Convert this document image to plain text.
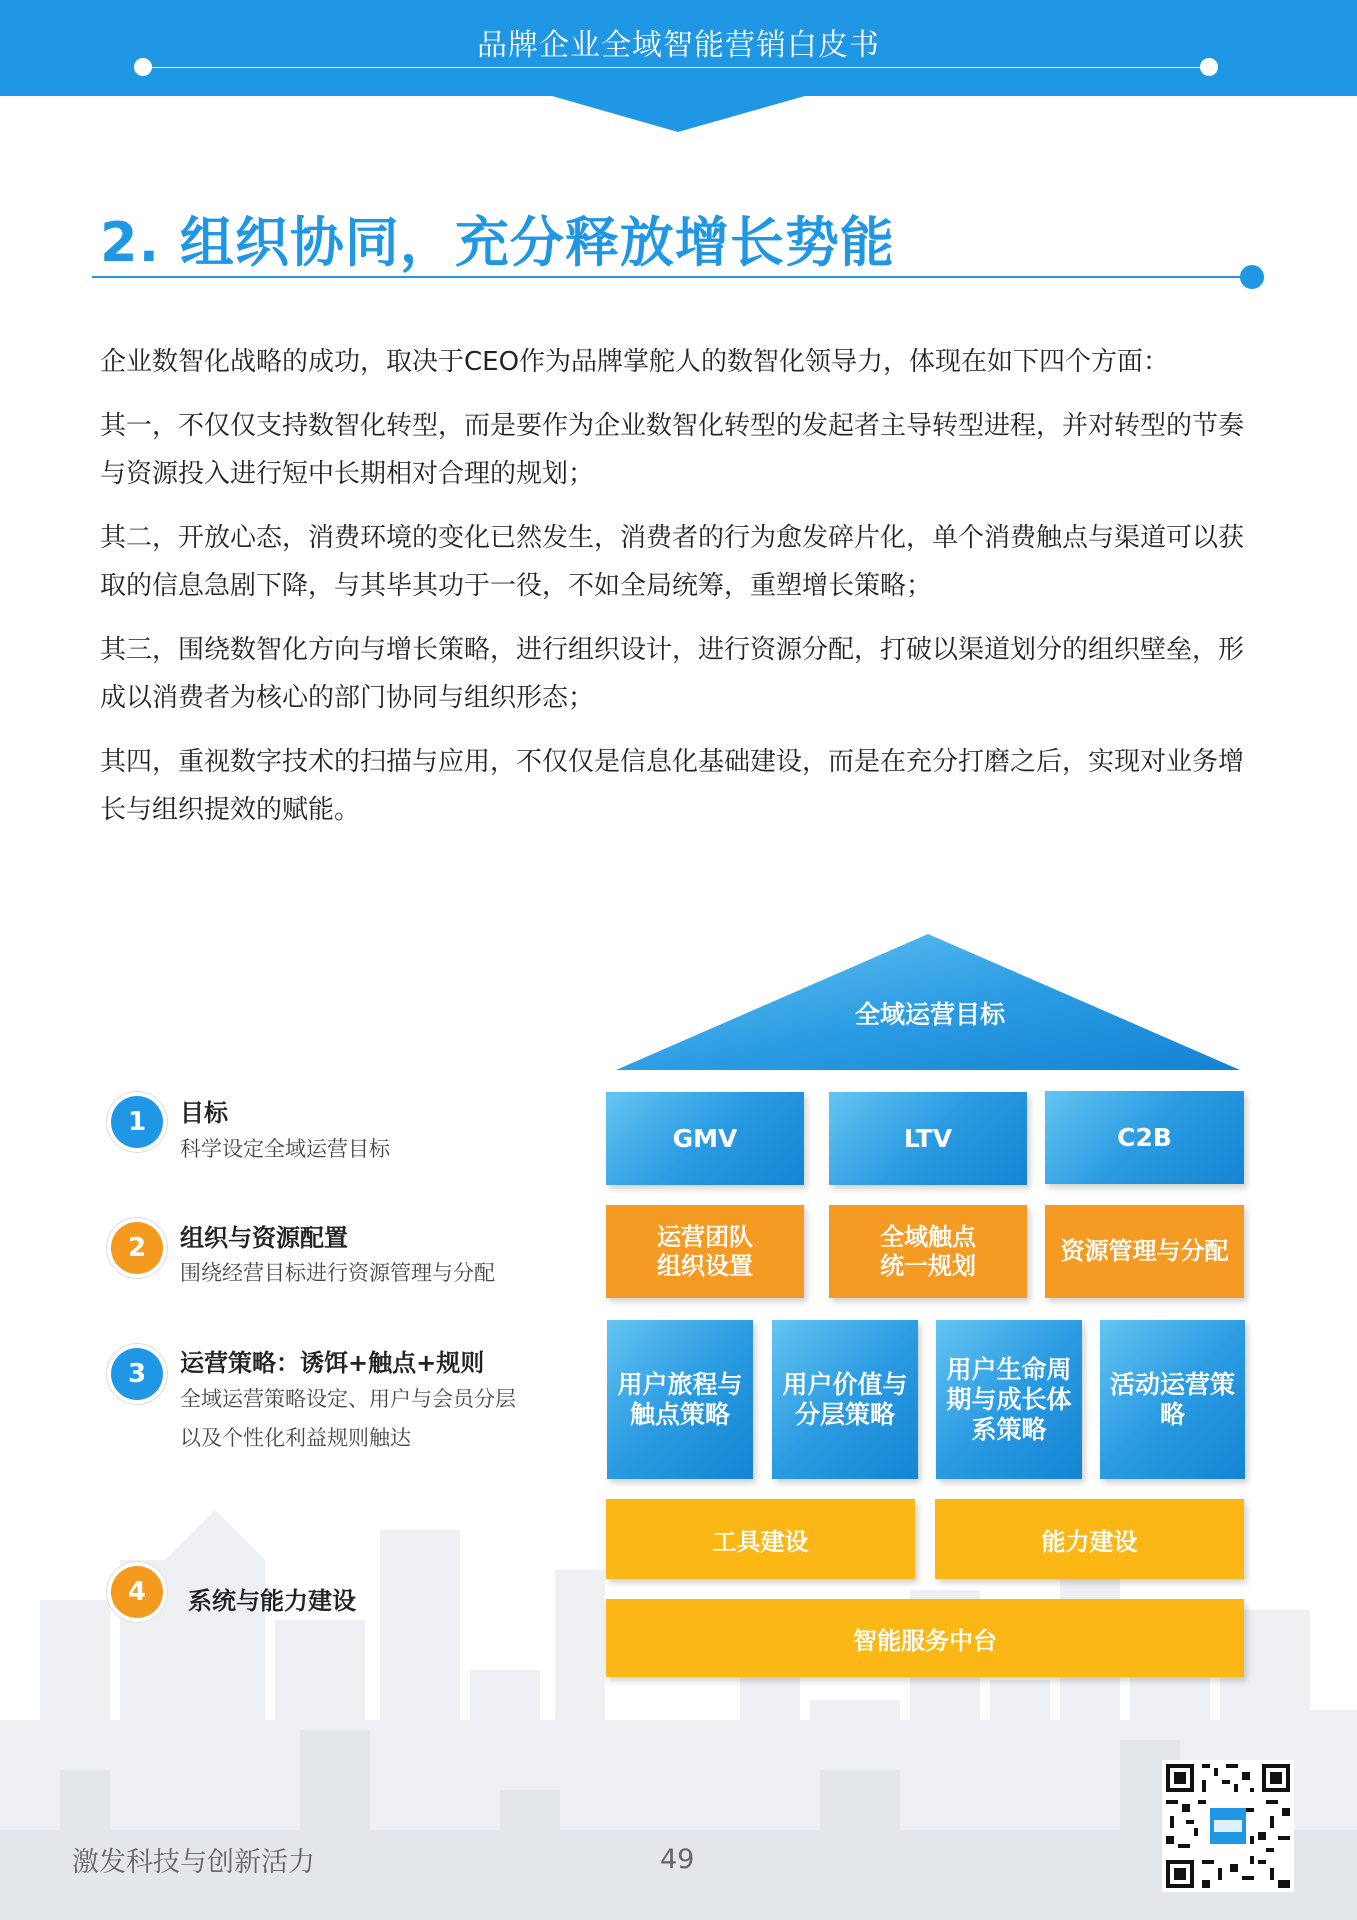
品牌企业全域智能营销白皮书
2. 组织协同，充分释放增长势能

企业数智化战略的成功，取决于CEO作为品牌掌舵人的数智化领导力，体现在如下四个方面：

其一，不仅仅支持数智化转型，而是要作为企业数智化转型的发起者主导转型进程，并对转型的节奏与资源投入进行短中长期相对合理的规划；

其二，开放心态，消费环境的变化已然发生，消费者的行为愈发碎片化，单个消费触点与渠道可以获取的信息急剧下降，与其毕其功于一役，不如全局统筹，重塑增长策略；

其三，围绕数智化方向与增长策略，进行组织设计，进行资源分配，打破以渠道划分的组织壁垒，形成以消费者为核心的部门协同与组织形态；

其四，重视数字技术的扫描与应用，不仅仅是信息化基础建设，而是在充分打磨之后，实现对业务增长与组织提效的赋能。

1	目标
科学设定全域运营目标
2	组织与资源配置
围绕经营目标进行资源管理与分配
3	运营策略：诱饵+触点+规则
全域运营策略设定、用户与会员分层
以及个性化利益规则触达
4	系统与能力建设
全域运营目标
GMV	LTV	C2B
运营团队
组织设置
全域触点
统一规划
资源管理与分配
用户旅程与
触点策略
用户价值与
分层策略
用户生命周
期与成长体
系策略
活动运营策
略
工具建设	能力建设
智能服务中台
激发科技与创新活力	49
